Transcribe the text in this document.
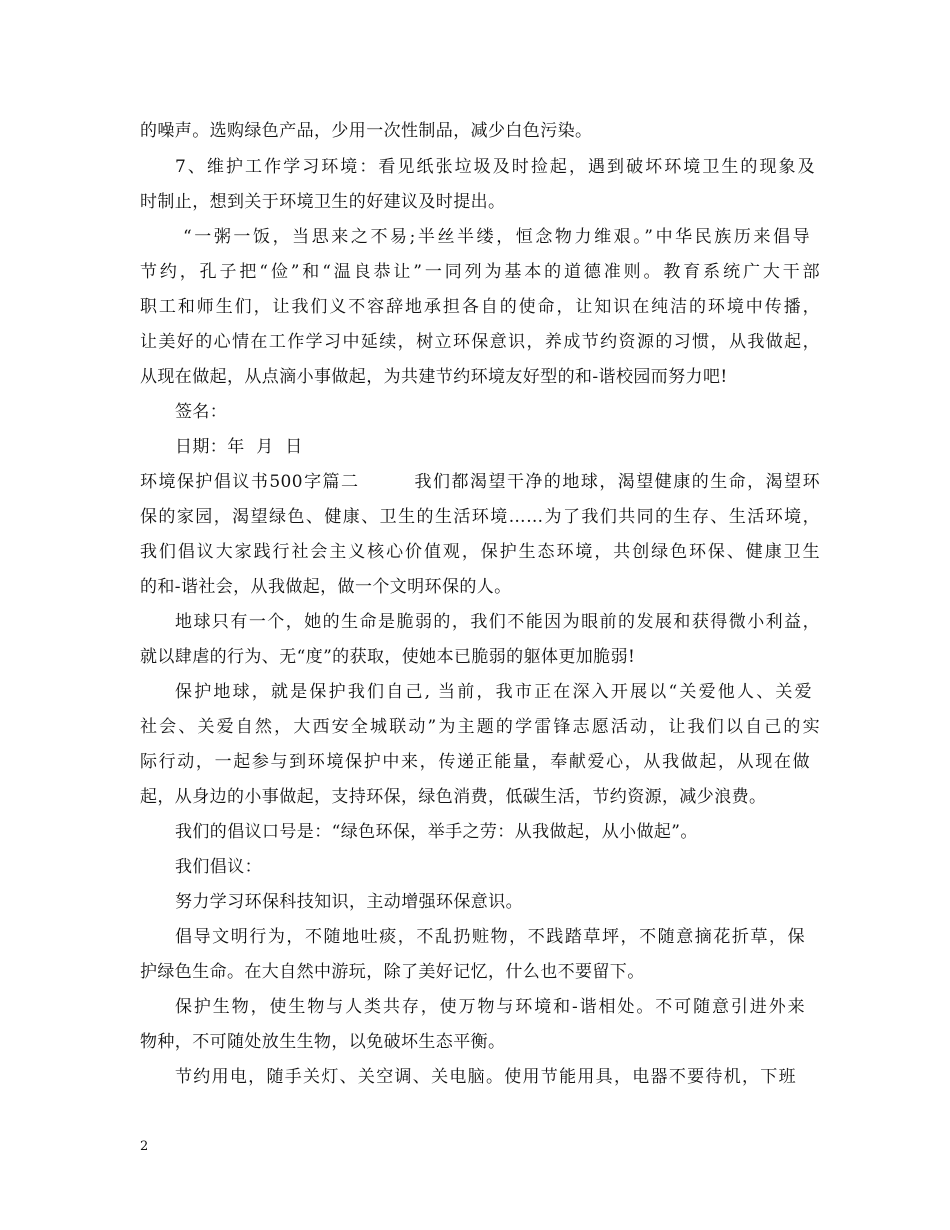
的噪声。选购绿色产品，少用一次性制品，减少白色污染。
7、维护工作学习环境：看见纸张垃圾及时捡起，遇到破坏环境卫生的现象及
时制止，想到关于环境卫生的好建议及时提出。
“一粥一饭，当思来之不易;半丝半缕，恒念物力维艰。”中华民族历来倡导
节约，孔子把“俭”和“温良恭让”一同列为基本的道德准则。教育系统广大干部
职工和师生们，让我们义不容辞地承担各自的使命，让知识在纯洁的环境中传播，
让美好的心情在工作学习中延续，树立环保意识，养成节约资源的习惯，从我做起，
从现在做起，从点滴小事做起，为共建节约环境友好型的和-谐校园而努力吧!
签名：
日期：年  月  日
环境保护倡议书500字篇二        我们都渴望干净的地球，渴望健康的生命，渴望环
保的家园，渴望绿色、健康、卫生的生活环境……为了我们共同的生存、生活环境，
我们倡议大家践行社会主义核心价值观，保护生态环境，共创绿色环保、健康卫生
的和-谐社会，从我做起，做一个文明环保的人。
地球只有一个，她的生命是脆弱的，我们不能因为眼前的发展和获得微小利益，
就以肆虐的行为、无“度”的获取，使她本已脆弱的躯体更加脆弱!
保护地球，就是保护我们自己, 当前，我市正在深入开展以“关爱他人、关爱
社会、关爱自然，大西安全城联动”为主题的学雷锋志愿活动，让我们以自己的实
际行动，一起参与到环境保护中来，传递正能量，奉献爱心，从我做起，从现在做
起，从身边的小事做起，支持环保，绿色消费，低碳生活，节约资源，减少浪费。
我们的倡议口号是：“绿色环保，举手之劳：从我做起，从小做起”。
我们倡议：
努力学习环保科技知识，主动增强环保意识。
倡导文明行为，不随地吐痰，不乱扔赃物，不践踏草坪，不随意摘花折草，保
护绿色生命。在大自然中游玩，除了美好记忆，什么也不要留下。
保护生物，使生物与人类共存，使万物与环境和-谐相处。不可随意引进外来
物种，不可随处放生生物，以免破坏生态平衡。
节约用电，随手关灯、关空调、关电脑。使用节能用具，电器不要待机，下班
2
